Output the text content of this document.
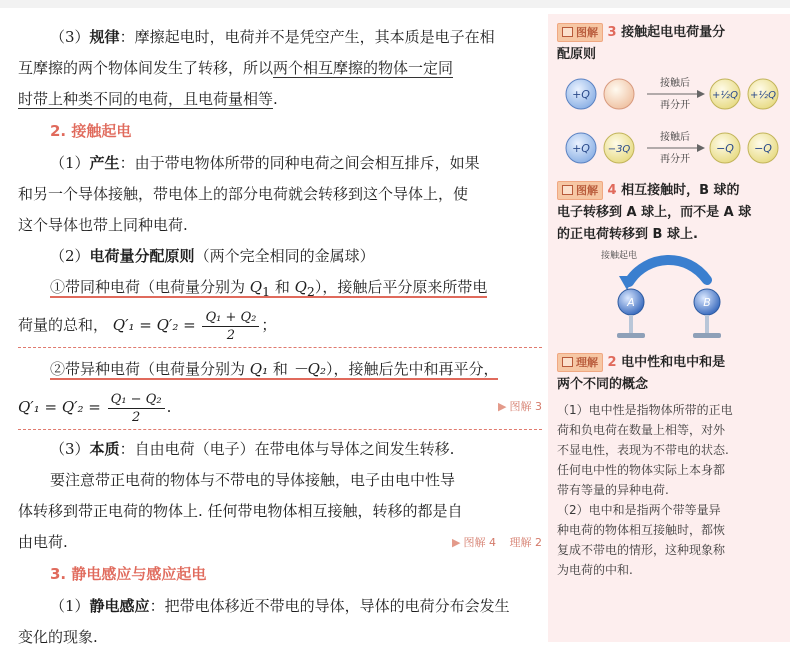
（3）规律：摩擦起电时，电荷并不是凭空产生，其本质是电子在相
互摩擦的两个物体间发生了转移，所以两个相互摩擦的物体一定同
时带上种类不同的电荷，且电荷量相等.
2. 接触起电
（1）产生：由于带电物体所带的同种电荷之间会相互排斥，如果
和另一个导体接触，带电体上的部分电荷就会转移到这个导体上，使
这个导体也带上同种电荷.
（2）电荷量分配原则（两个完全相同的金属球）
①带同种电荷（电荷量分别为 $Q_1$ 和 $Q_2$），接触后平分原来所带电
荷量的总和， $Q'_1 = Q'_2 = \frac{\text{Q₁ + Q₂}}{2}$ ；
②带异种电荷（电荷量分别为 Q₁ 和 －Q₂），接触后先中和再平分，
$Q'_1 = Q'_2 = \frac{\text{Q₁ − Q₂}}{2}$ .	▶ 图解 3
（3）本质：自由电荷（电子）在带电体与导体之间发生转移.
要注意带正电荷的物体与不带电的导体接触，电子由电中性导
体转移到带正电荷的物体上. 任何带电物体相互接触，转移的都是自
由电荷.	▶ 图解 4 理解 2
3. 静电感应与感应起电
（1）静电感应：把带电体移近不带电的导体，导体的电荷分布会发生
变化的现象.
图解 3 接触起电电荷量分
配原则
+Q
接触后
再分开
+½Q +½Q
+Q −3Q
接触后
再分开
−Q −Q
图解 4 相互接触时，B 球的
电子转移到 A 球上，而不是 A 球
的正电荷转移到 B 球上.
接触起电
A	B
理解 2 电中性和电中和是
两个不同的概念
（1）电中性是指物体所带的正电
荷和负电荷在数量上相等，对外
不显电性，表现为不带电的状态.
任何电中性的物体实际上本身都
带有等量的异种电荷.
（2）电中和是指两个带等量异
种电荷的物体相互接触时，都恢
复成不带电的情形，这种现象称
为电荷的中和.
